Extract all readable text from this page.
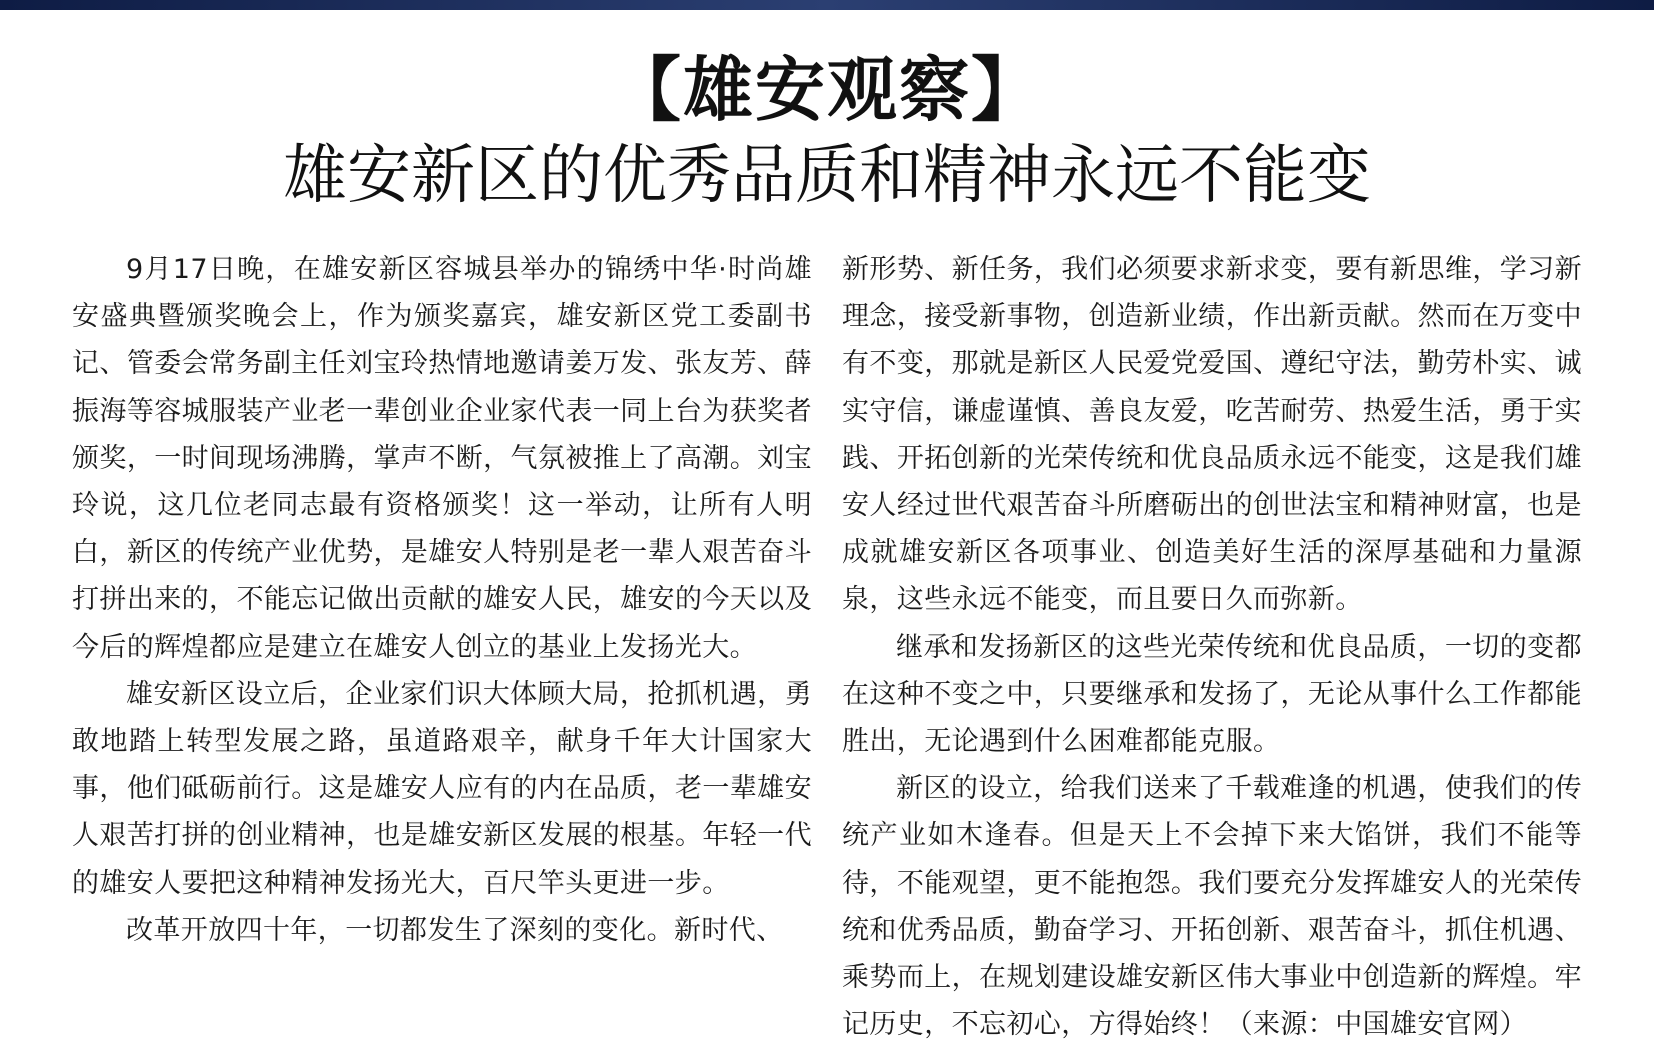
【雄安观察】
雄安新区的优秀品质和精神永远不能变

9月17日晚，在雄安新区容城县举办的锦绣中华·时尚雄安盛典暨颁奖晚会上，作为颁奖嘉宾，雄安新区党工委副书记、管委会常务副主任刘宝玲热情地邀请姜万发、张友芳、薛振海等容城服装产业老一辈创业企业家代表一同上台为获奖者颁奖，一时间现场沸腾，掌声不断，气氛被推上了高潮。刘宝玲说，这几位老同志最有资格颁奖！这一举动，让所有人明白，新区的传统产业优势，是雄安人特别是老一辈人艰苦奋斗打拼出来的，不能忘记做出贡献的雄安人民，雄安的今天以及今后的辉煌都应是建立在雄安人创立的基业上发扬光大。

雄安新区设立后，企业家们识大体顾大局，抢抓机遇，勇敢地踏上转型发展之路，虽道路艰辛，献身千年大计国家大事，他们砥砺前行。这是雄安人应有的内在品质，老一辈雄安人艰苦打拼的创业精神，也是雄安新区发展的根基。年轻一代的雄安人要把这种精神发扬光大，百尺竿头更进一步。

改革开放四十年，一切都发生了深刻的变化。新时代、

新形势、新任务，我们必须要求新求变，要有新思维，学习新理念，接受新事物，创造新业绩，作出新贡献。然而在万变中有不变，那就是新区人民爱党爱国、遵纪守法，勤劳朴实、诚实守信，谦虚谨慎、善良友爱，吃苦耐劳、热爱生活，勇于实践、开拓创新的光荣传统和优良品质永远不能变，这是我们雄安人经过世代艰苦奋斗所磨砺出的创世法宝和精神财富，也是成就雄安新区各项事业、创造美好生活的深厚基础和力量源泉，这些永远不能变，而且要日久而弥新。

继承和发扬新区的这些光荣传统和优良品质，一切的变都在这种不变之中，只要继承和发扬了，无论从事什么工作都能胜出，无论遇到什么困难都能克服。

新区的设立，给我们送来了千载难逢的机遇，使我们的传统产业如木逢春。但是天上不会掉下来大馅饼，我们不能等待，不能观望，更不能抱怨。我们要充分发挥雄安人的光荣传统和优秀品质，勤奋学习、开拓创新、艰苦奋斗，抓住机遇、乘势而上，在规划建设雄安新区伟大事业中创造新的辉煌。牢记历史，不忘初心，方得始终！（来源：中国雄安官网）
